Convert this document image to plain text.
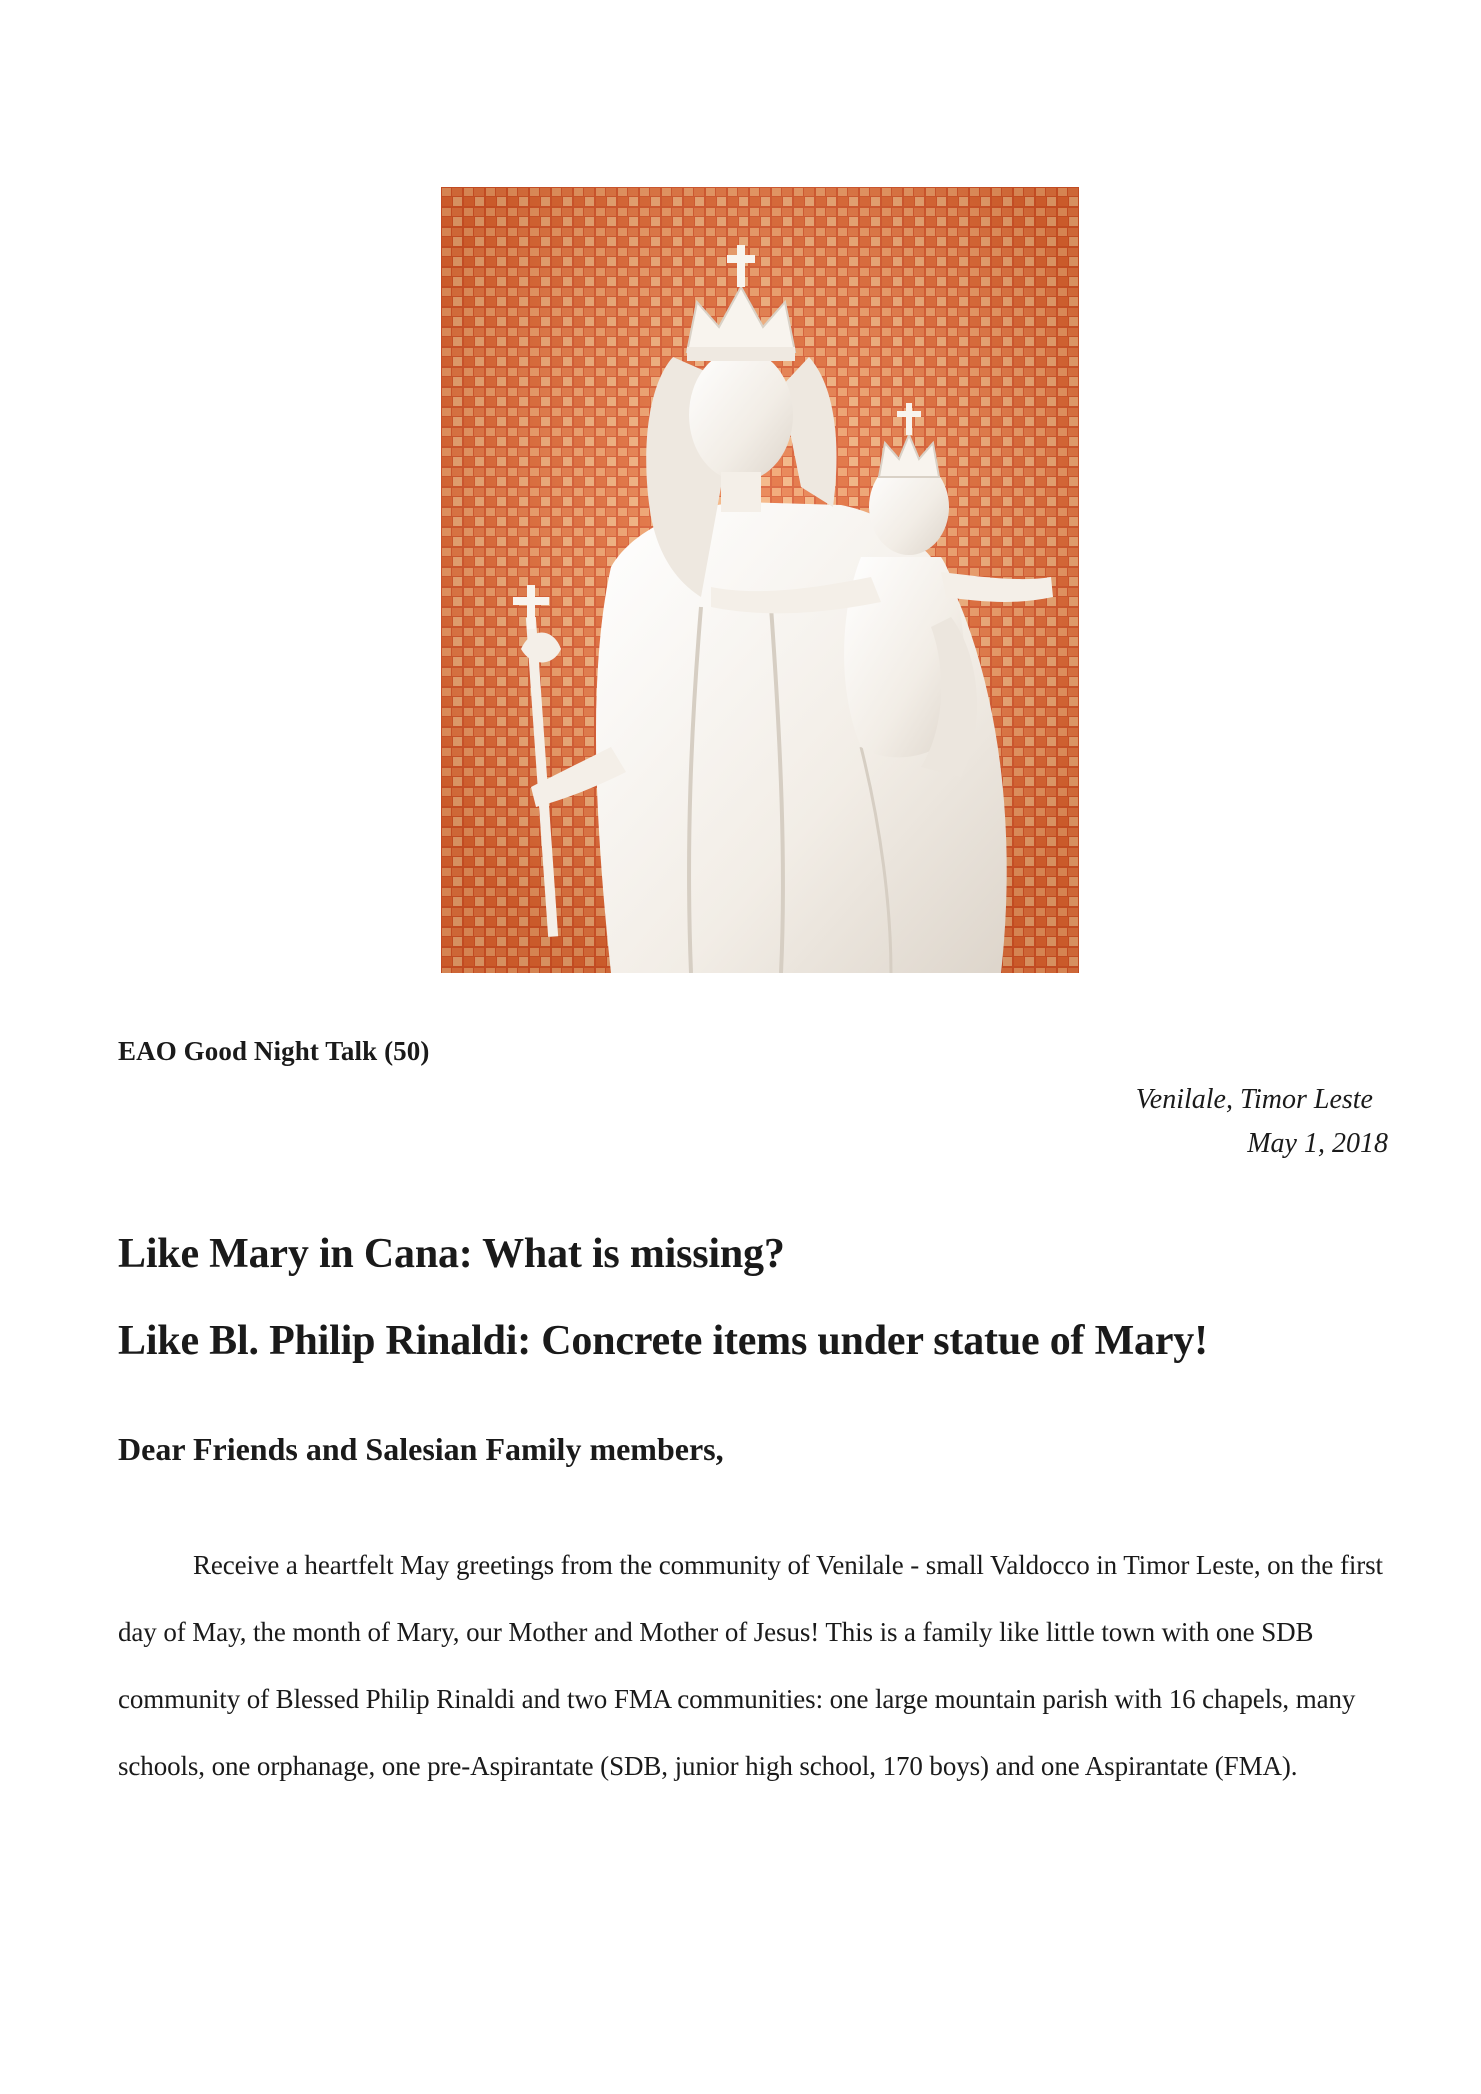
EAO Good Night Talk (50)
Venilale, Timor Leste
May 1, 2018
Like Mary in Cana: What is missing?
Like Bl. Philip Rinaldi: Concrete items under statue of Mary!
Dear Friends and Salesian Family members,

Receive a heartfelt May greetings from the community of Venilale - small Valdocco in Timor Leste, on the first day of May, the month of Mary, our Mother and Mother of Jesus! This is a family like little town with one SDB community of Blessed Philip Rinaldi and two FMA communities: one large mountain parish with 16 chapels, many schools, one orphanage, one pre-Aspirantate (SDB, junior high school, 170 boys) and one Aspirantate (FMA).
